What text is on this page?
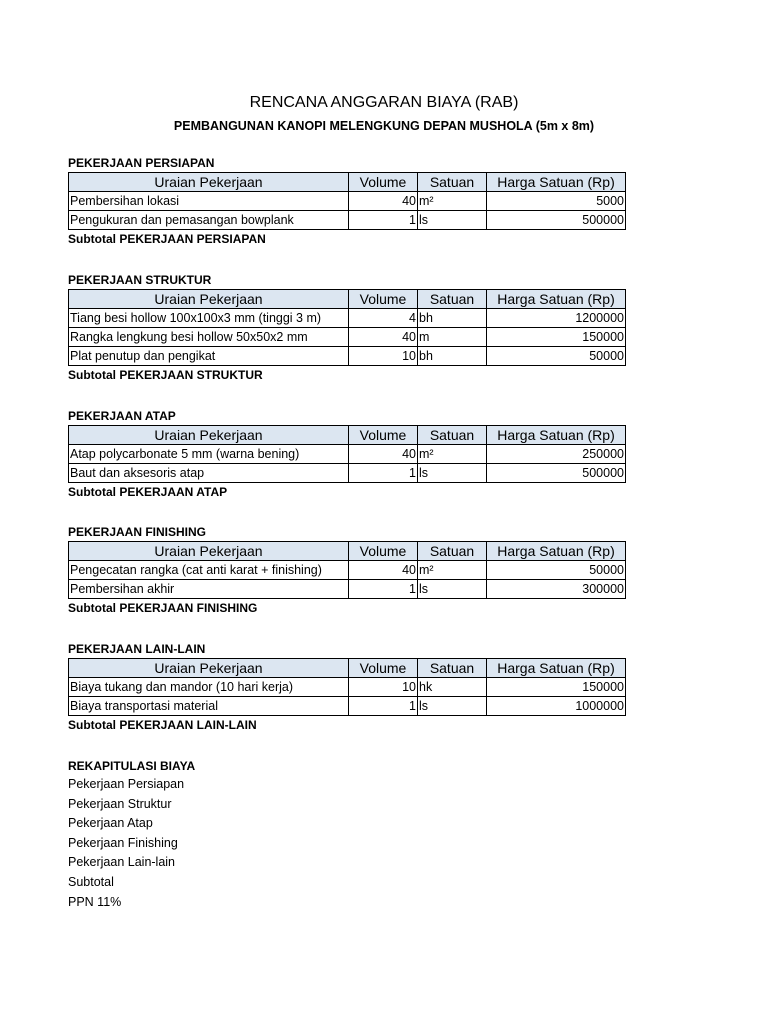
RENCANA ANGGARAN BIAYA (RAB)
PEMBANGUNAN KANOPI MELENGKUNG DEPAN MUSHOLA (5m x 8m)
PEKERJAAN PERSIAPAN
Uraian Pekerjaan	Volume	Satuan	Harga Satuan (Rp)
Pembersihan lokasi	40	m²	5000
Pengukuran dan pemasangan bowplank	1	ls	500000
Subtotal PEKERJAAN PERSIAPAN
PEKERJAAN STRUKTUR
Uraian Pekerjaan	Volume	Satuan	Harga Satuan (Rp)
Tiang besi hollow 100x100x3 mm (tinggi 3 m)	4	bh	1200000
Rangka lengkung besi hollow 50x50x2 mm	40	m	150000
Plat penutup dan pengikat	10	bh	50000
Subtotal PEKERJAAN STRUKTUR
PEKERJAAN ATAP
Uraian Pekerjaan	Volume	Satuan	Harga Satuan (Rp)
Atap polycarbonate 5 mm (warna bening)	40	m²	250000
Baut dan aksesoris atap	1	ls	500000
Subtotal PEKERJAAN ATAP
PEKERJAAN FINISHING
Uraian Pekerjaan	Volume	Satuan	Harga Satuan (Rp)
Pengecatan rangka (cat anti karat + finishing)	40	m²	50000
Pembersihan akhir	1	ls	300000
Subtotal PEKERJAAN FINISHING
PEKERJAAN LAIN-LAIN
Uraian Pekerjaan	Volume	Satuan	Harga Satuan (Rp)
Biaya tukang dan mandor (10 hari kerja)	10	hk	150000
Biaya transportasi material	1	ls	1000000
Subtotal PEKERJAAN LAIN-LAIN
REKAPITULASI BIAYA
Pekerjaan Persiapan
Pekerjaan Struktur
Pekerjaan Atap
Pekerjaan Finishing
Pekerjaan Lain-lain
Subtotal
PPN 11%
